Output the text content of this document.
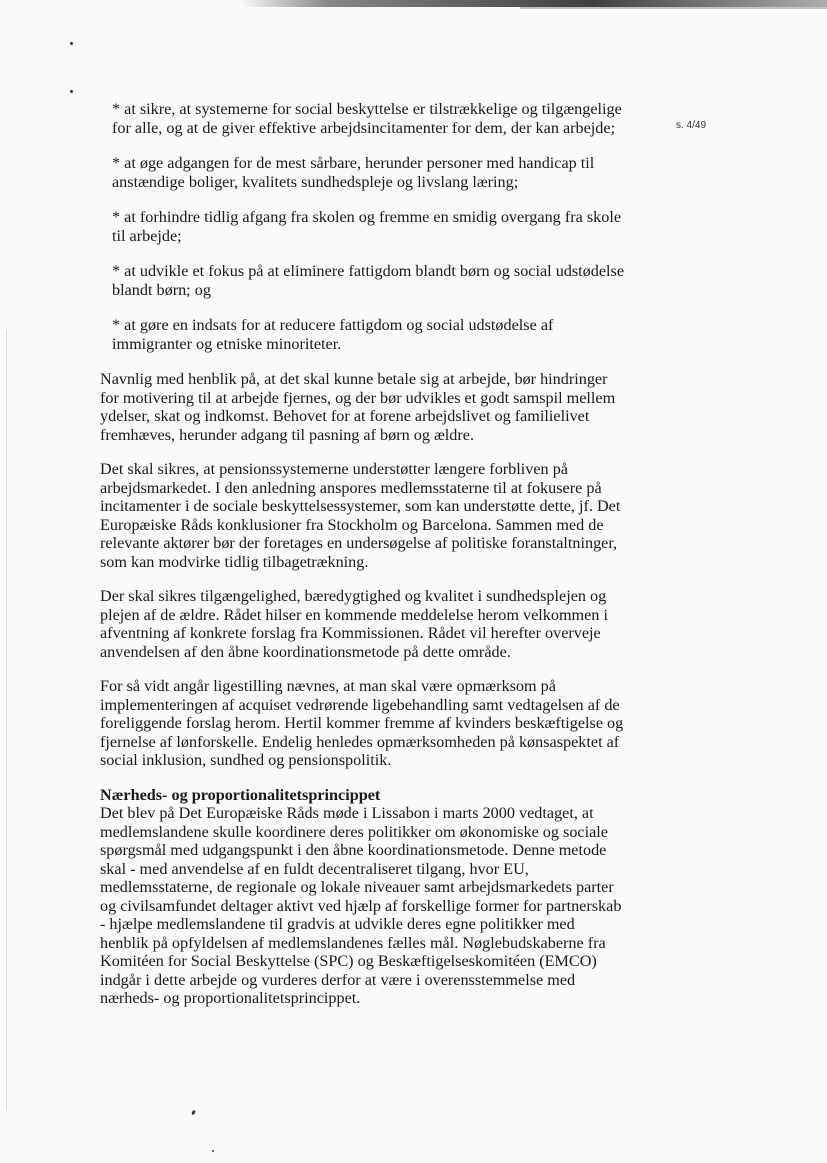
s. 4/49

* at sikre, at systemerne for social beskyttelse er tilstrækkelige og tilgængelige for alle, og at de giver effektive arbejdsincitamenter for dem, der kan arbejde;

* at øge adgangen for de mest sårbare, herunder personer med handicap til anstændige boliger, kvalitets sundhedspleje og livslang læring;

* at forhindre tidlig afgang fra skolen og fremme en smidig overgang fra skole til arbejde;

* at udvikle et fokus på at eliminere fattigdom blandt børn og social udstødelse blandt børn; og

* at gøre en indsats for at reducere fattigdom og social udstødelse af immigranter og etniske minoriteter.

Navnlig med henblik på, at det skal kunne betale sig at arbejde, bør hindringer for motivering til at arbejde fjernes, og der bør udvikles et godt samspil mellem ydelser, skat og indkomst. Behovet for at forene arbejdslivet og familielivet fremhæves, herunder adgang til pasning af børn og ældre.

Det skal sikres, at pensionssystemerne understøtter længere forbliven på arbejdsmarkedet. I den anledning anspores medlemsstaterne til at fokusere på incitamenter i de sociale beskyttelsessystemer, som kan understøtte dette, jf. Det Europæiske Råds konklusioner fra Stockholm og Barcelona. Sammen med de relevante aktører bør der foretages en undersøgelse af politiske foranstaltninger, som kan modvirke tidlig tilbagetrækning.

Der skal sikres tilgængelighed, bæredygtighed og kvalitet i sundhedsplejen og plejen af de ældre. Rådet hilser en kommende meddelelse herom velkommen i afventning af konkrete forslag fra Kommissionen. Rådet vil herefter overveje anvendelsen af den åbne koordinationsmetode på dette område.

For så vidt angår ligestilling nævnes, at man skal være opmærksom på implementeringen af acquiset vedrørende ligebehandling samt vedtagelsen af de foreliggende forslag herom. Hertil kommer fremme af kvinders beskæftigelse og fjernelse af lønforskelle. Endelig henledes opmærksomheden på kønsaspektet af social inklusion, sundhed og pensionspolitik.

Nærheds- og proportionalitetsprincippet

Det blev på Det Europæiske Råds møde i Lissabon i marts 2000 vedtaget, at medlemslandene skulle koordinere deres politikker om økonomiske og sociale spørgsmål med udgangspunkt i den åbne koordinationsmetode. Denne metode skal - med anvendelse af en fuldt decentraliseret tilgang, hvor EU, medlemsstaterne, de regionale og lokale niveauer samt arbejdsmarkedets parter og civilsamfundet deltager aktivt ved hjælp af forskellige former for partnerskab - hjælpe medlemslandene til gradvis at udvikle deres egne politikker med henblik på opfyldelsen af medlemslandenes fælles mål. Nøglebudskaberne fra Komitéen for Social Beskyttelse (SPC) og Beskæftigelseskomitéen (EMCO) indgår i dette arbejde og vurderes derfor at være i overensstemmelse med nærheds- og proportionalitetsprincippet.
